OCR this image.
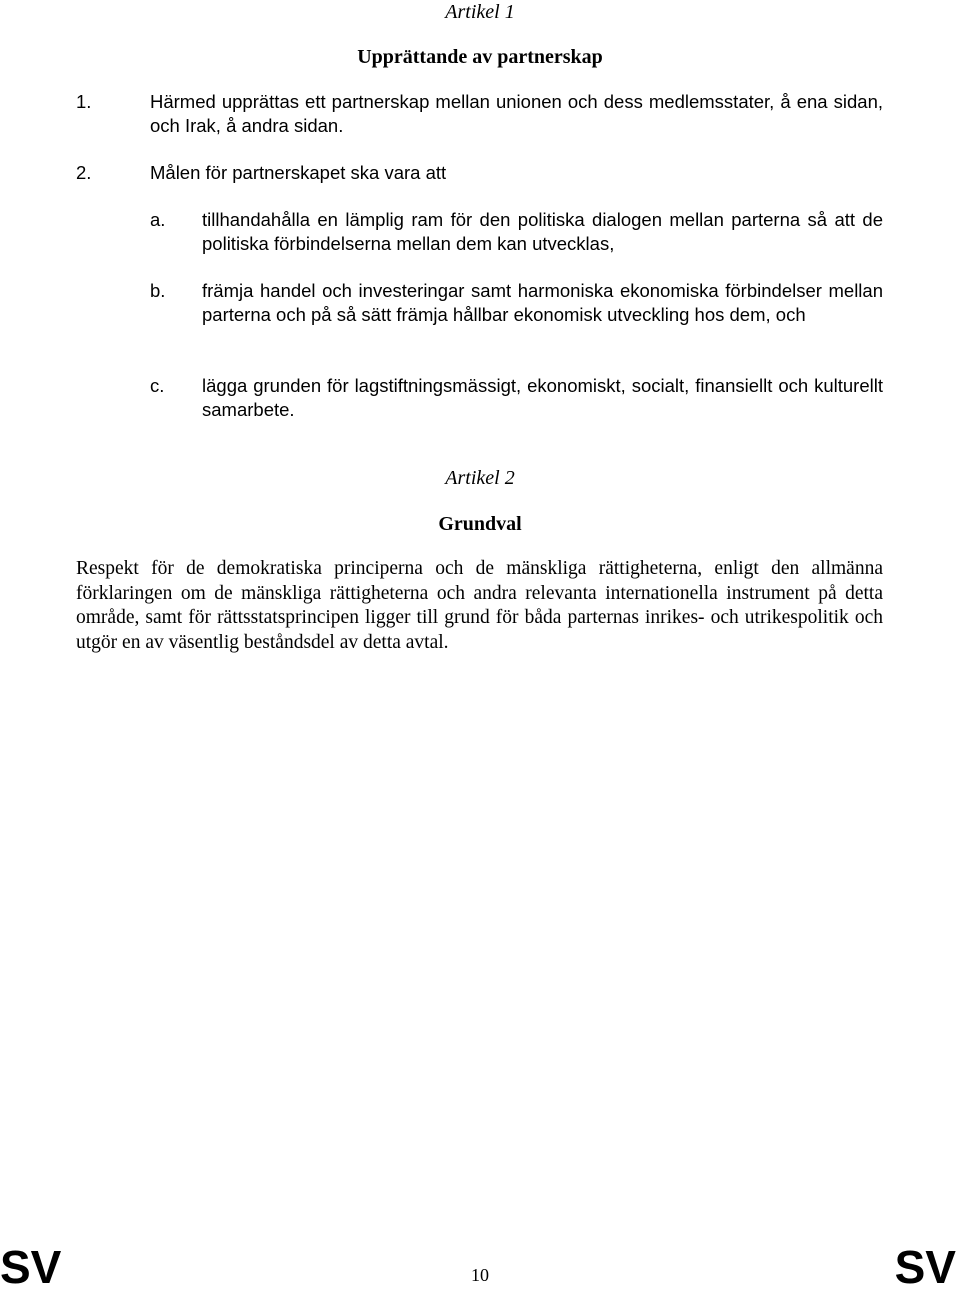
Artikel 1
Upprättande av partnerskap
1.	Härmed upprättas ett partnerskap mellan unionen och dess medlemsstater, å ena sidan, och Irak, å andra sidan.
2.	Målen för partnerskapet ska vara att
a. tillhandahålla en lämplig ram för den politiska dialogen mellan parterna så att de politiska förbindelserna mellan dem kan utvecklas,
b. främja handel och investeringar samt harmoniska ekonomiska förbindelser mellan parterna och på så sätt främja hållbar ekonomisk utveckling hos dem, och
c. lägga grunden för lagstiftningsmässigt, ekonomiskt, socialt, finansiellt och kulturellt samarbete.
Artikel 2
Grundval
Respekt för de demokratiska principerna och de mänskliga rättigheterna, enligt den allmänna förklaringen om de mänskliga rättigheterna och andra relevanta internationella instrument på detta område, samt för rättsstatsprincipen ligger till grund för båda parternas inrikes- och utrikespolitik och utgör en av väsentlig beståndsdel av detta avtal.
SV	10	SV
